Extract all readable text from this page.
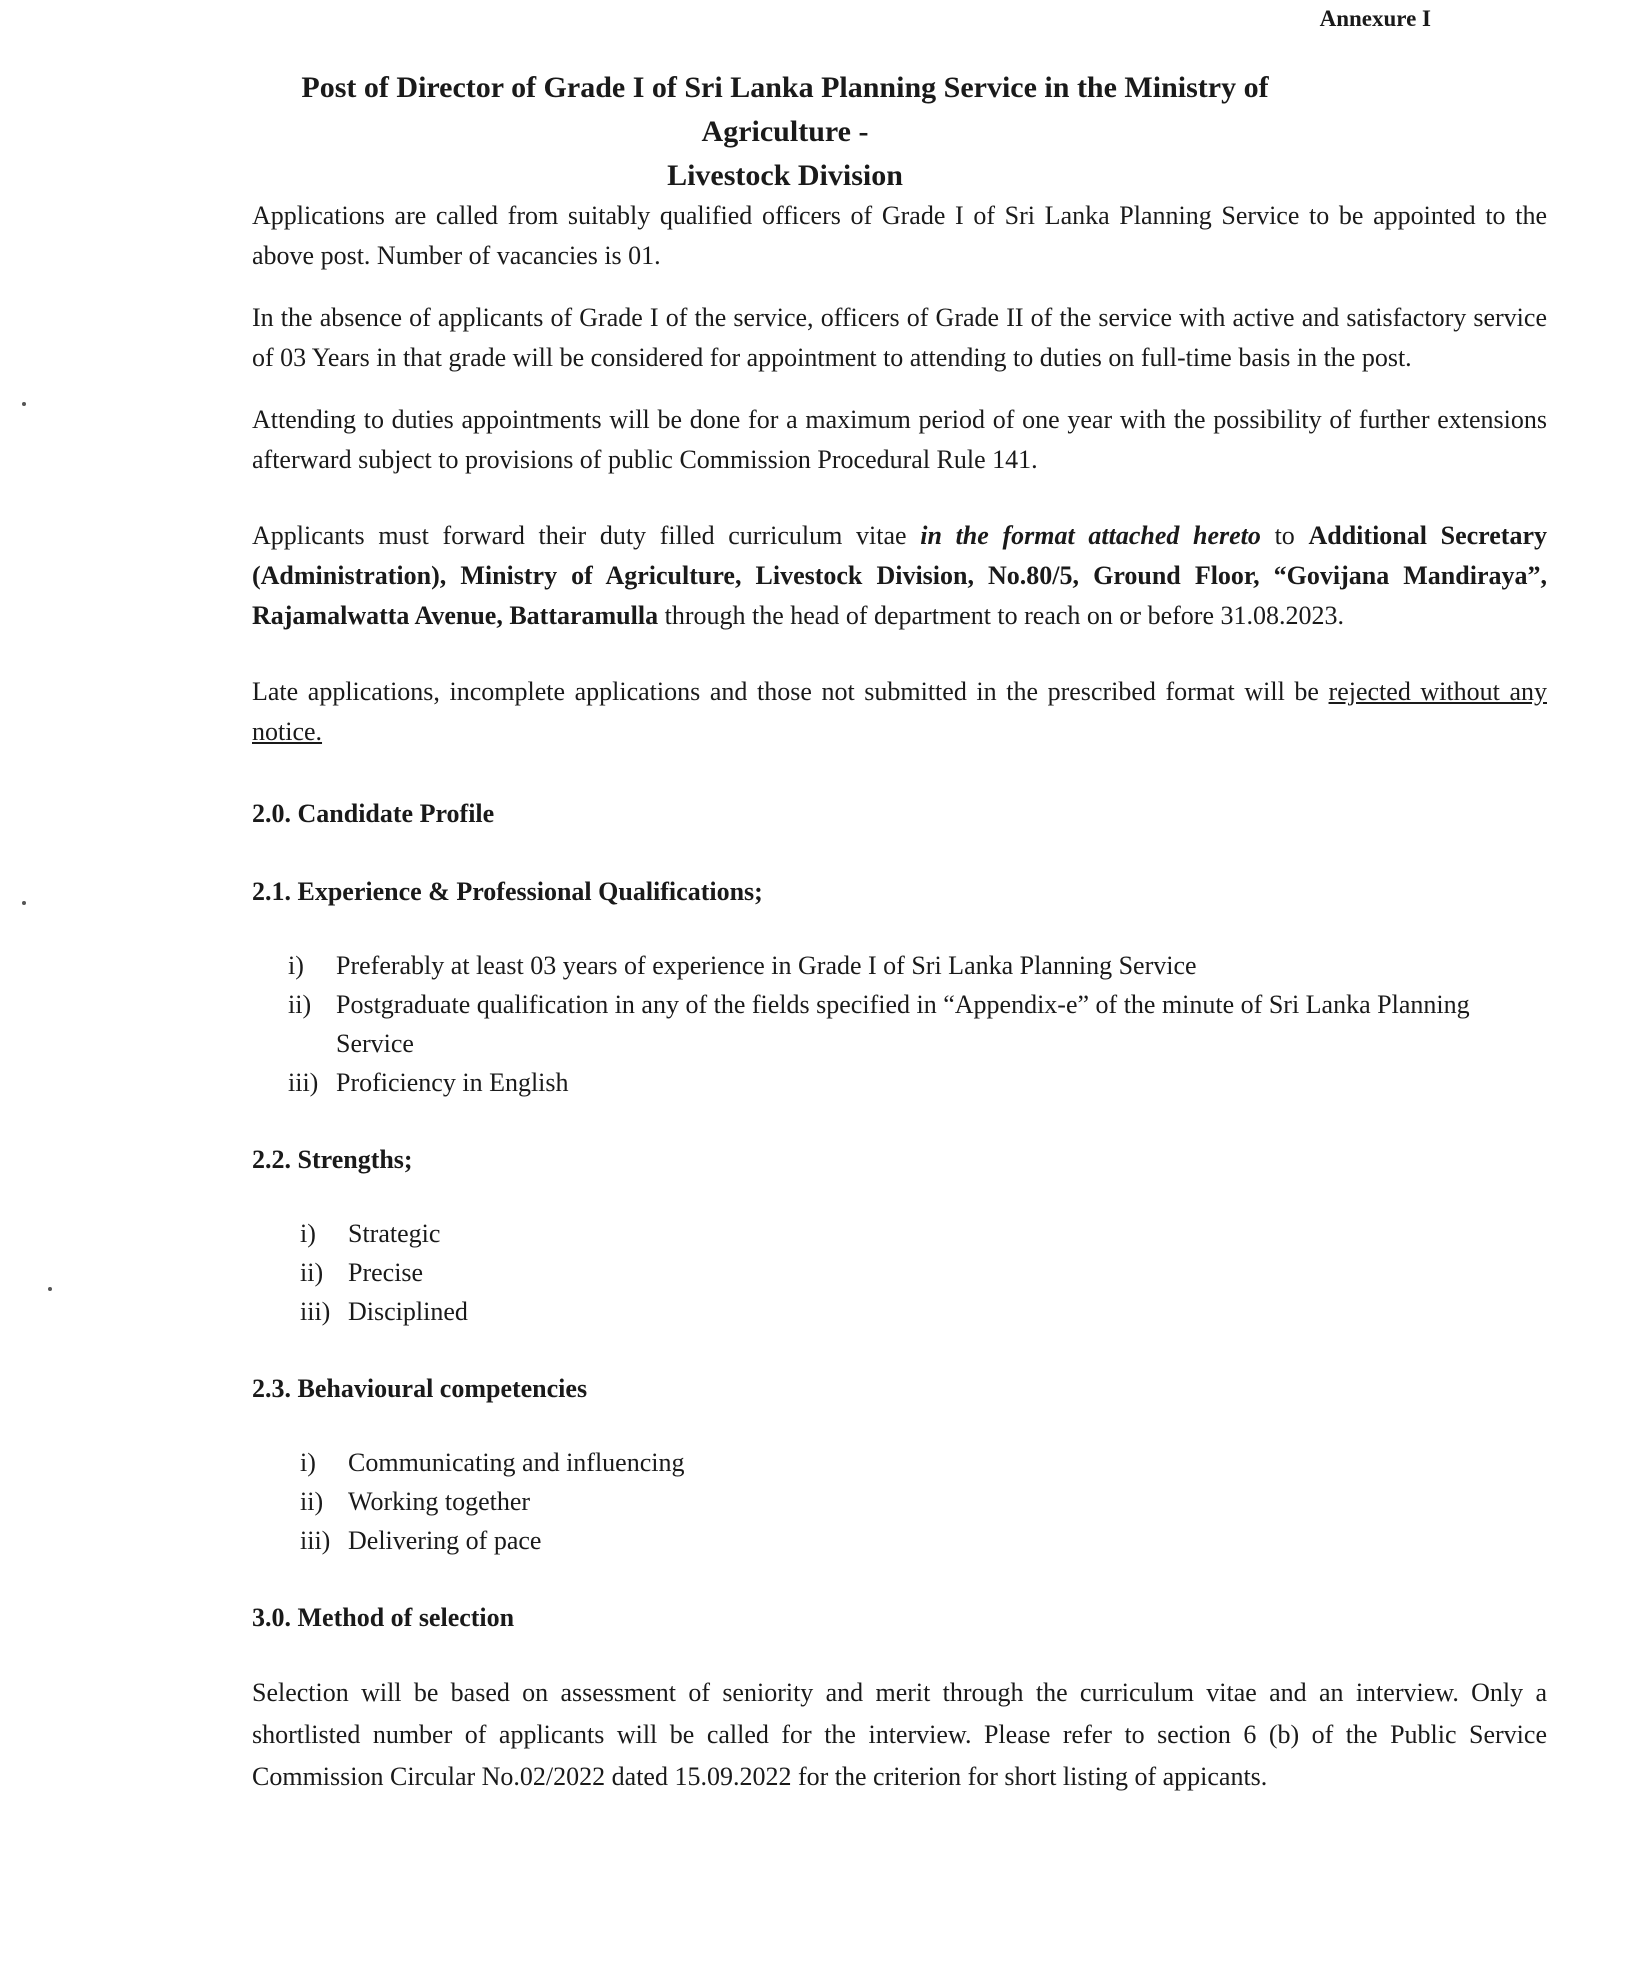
Annexure I
Post of Director of Grade I of Sri Lanka Planning Service in the Ministry of Agriculture -
Livestock Division

Applications are called from suitably qualified officers of Grade I of Sri Lanka Planning Service to be appointed to the above post. Number of vacancies is 01.

In the absence of applicants of Grade I of the service, officers of Grade II of the service with active and satisfactory service of 03 Years in that grade will be considered for appointment to attending to duties on full-time basis in the post.

Attending to duties appointments will be done for a maximum period of one year with the possibility of further extensions afterward subject to provisions of public Commission Procedural Rule 141.

Applicants must forward their duty filled curriculum vitae in the format attached hereto to Additional Secretary (Administration), Ministry of Agriculture, Livestock Division, No.80/5, Ground Floor, “Govijana Mandiraya”, Rajamalwatta Avenue, Battaramulla through the head of department to reach on or before 31.08.2023.

Late applications, incomplete applications and those not submitted in the prescribed format will be rejected without any notice.

2.0. Candidate Profile
2.1. Experience & Professional Qualifications;
i)	Preferably at least 03 years of experience in Grade I of Sri Lanka Planning Service
ii) Postgraduate qualification in any of the fields specified in “Appendix-e” of the minute of Sri Lanka Planning Service
iii) Proficiency in English
2.2. Strengths;
i)	Strategic
ii) Precise
iii) Disciplined
2.3. Behavioural competencies
i)	Communicating and influencing
ii) Working together
iii) Delivering of pace
3.0. Method of selection

Selection will be based on assessment of seniority and merit through the curriculum vitae and an interview. Only a shortlisted number of applicants will be called for the interview. Please refer to section 6 (b) of the Public Service Commission Circular No.02/2022 dated 15.09.2022 for the criterion for short listing of appicants.
